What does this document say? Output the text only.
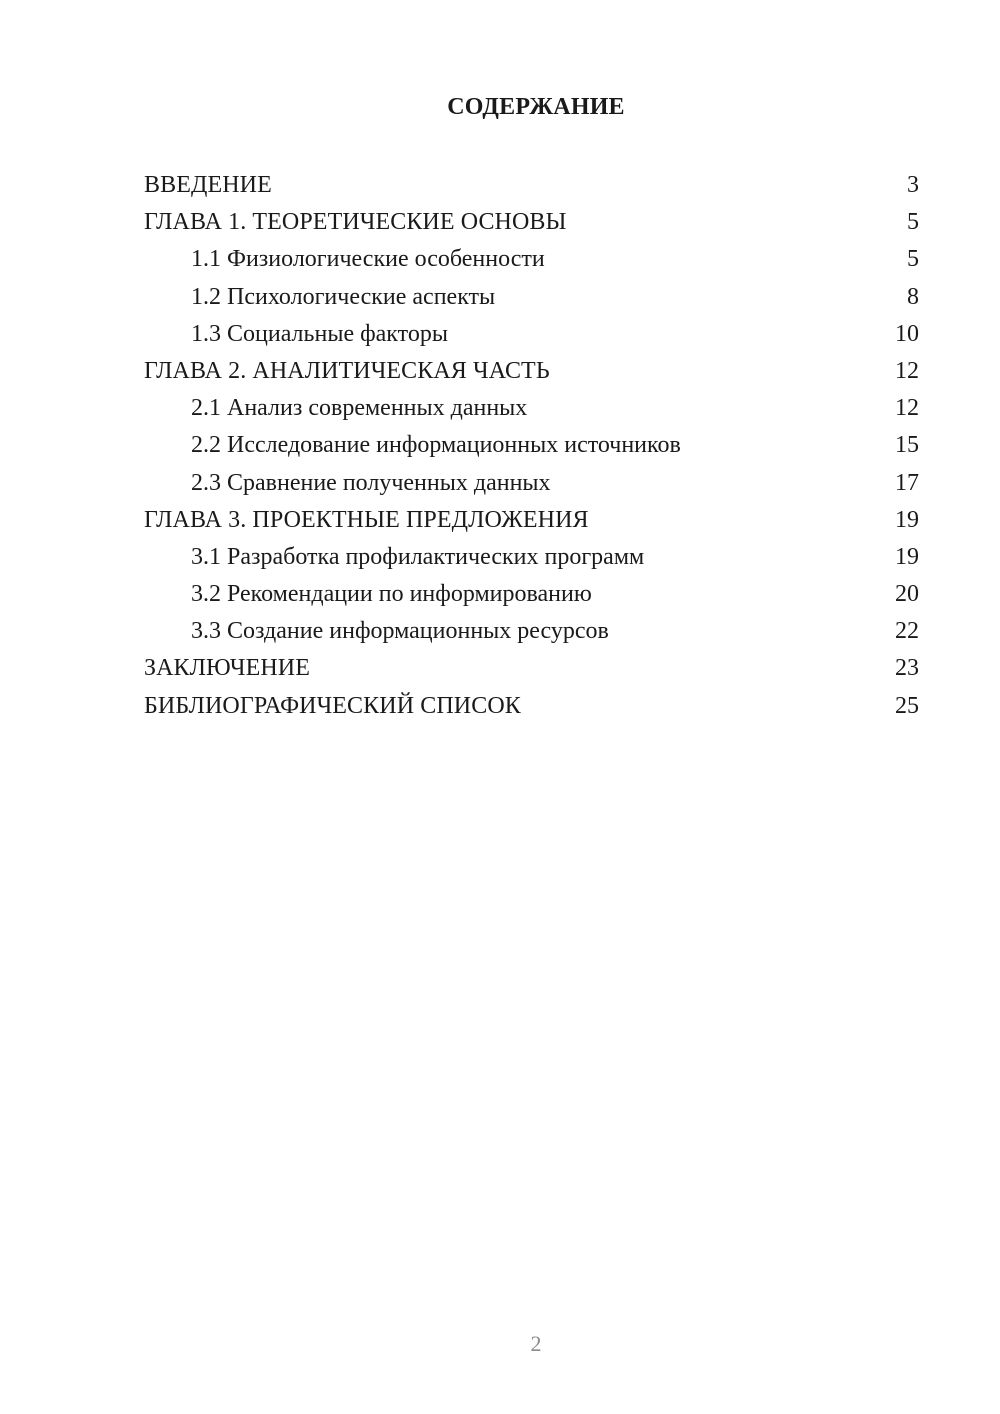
СОДЕРЖАНИЕ
ВВЕДЕНИЕ	3
ГЛАВА 1. ТЕОРЕТИЧЕСКИЕ ОСНОВЫ	5
1.1 Физиологические особенности	5
1.2 Психологические аспекты	8
1.3 Социальные факторы	10
ГЛАВА 2. АНАЛИТИЧЕСКАЯ ЧАСТЬ	12
2.1 Анализ современных данных	12
2.2 Исследование информационных источников	15
2.3 Сравнение полученных данных	17
ГЛАВА 3. ПРОЕКТНЫЕ ПРЕДЛОЖЕНИЯ	19
3.1 Разработка профилактических программ	19
3.2 Рекомендации по информированию	20
3.3 Создание информационных ресурсов	22
ЗАКЛЮЧЕНИЕ	23
БИБЛИОГРАФИЧЕСКИЙ СПИСОК	25
2
